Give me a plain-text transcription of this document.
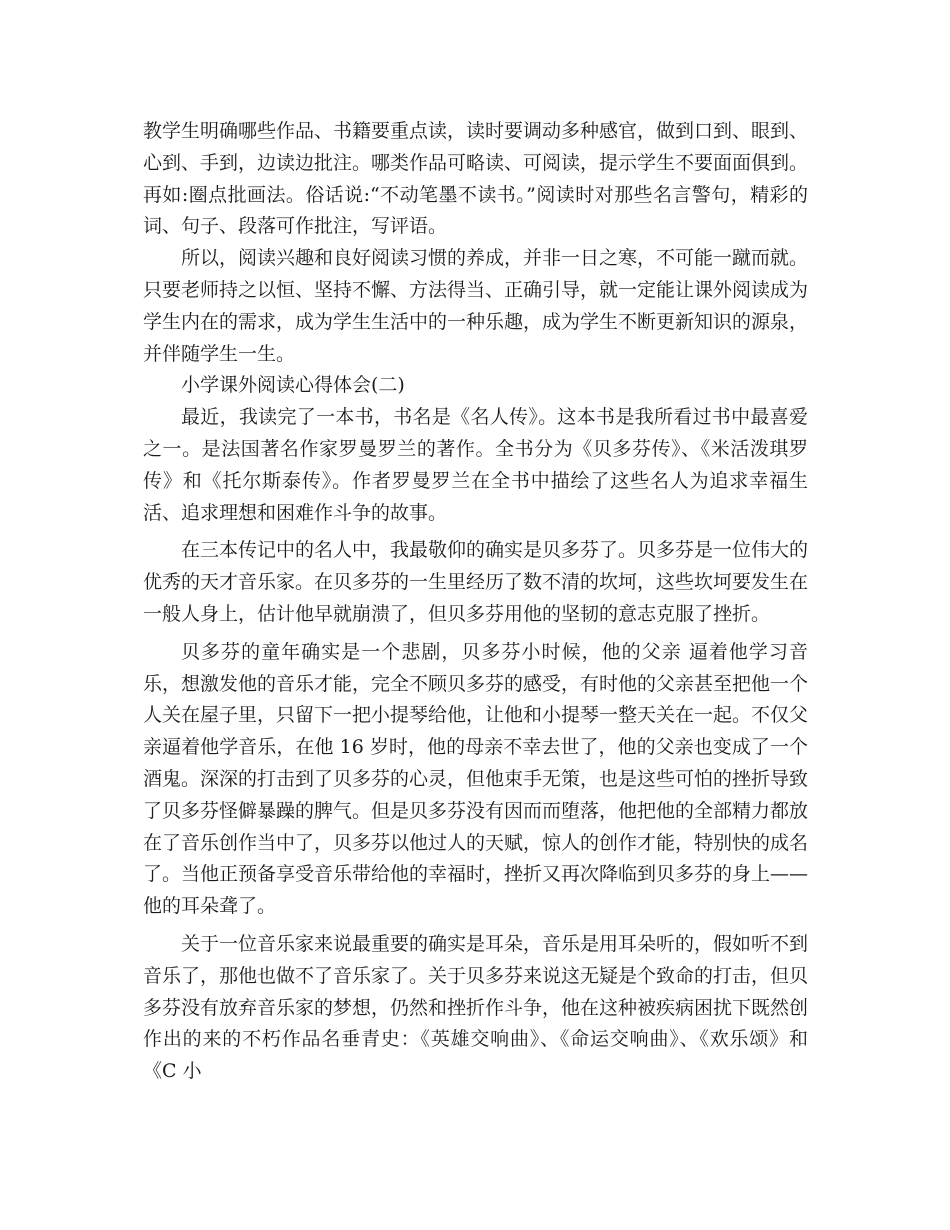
教学生明确哪些作品、书籍要重点读，读时要调动多种感官，做到口到、眼到、心到、手到，边读边批注。哪类作品可略读、可阅读，提示学生不要面面俱到。再如:圈点批画法。俗话说:“不动笔墨不读书。”阅读时对那些名言警句，精彩的词、句子、段落可作批注，写评语。

所以，阅读兴趣和良好阅读习惯的养成，并非一日之寒，不可能一蹴而就。只要老师持之以恒、坚持不懈、方法得当、正确引导，就一定能让课外阅读成为学生内在的需求，成为学生生活中的一种乐趣，成为学生不断更新知识的源泉，并伴随学生一生。

小学课外阅读心得体会(二)

最近，我读完了一本书，书名是《名人传》。这本书是我所看过书中最喜爱之一。是法国著名作家罗曼罗兰的著作。全书分为《贝多芬传》、《米活泼琪罗传》和《托尔斯泰传》。作者罗曼罗兰在全书中描绘了这些名人为追求幸福生活、追求理想和困难作斗争的故事。

在三本传记中的名人中，我最敬仰的确实是贝多芬了。贝多芬是一位伟大的优秀的天才音乐家。在贝多芬的一生里经历了数不清的坎坷，这些坎坷要发生在一般人身上，估计他早就崩溃了，但贝多芬用他的坚韧的意志克服了挫折。

贝多芬的童年确实是一个悲剧，贝多芬小时候，他的父亲 逼着他学习音乐，想激发他的音乐才能，完全不顾贝多芬的感受，有时他的父亲甚至把他一个人关在屋子里，只留下一把小提琴给他，让他和小提琴一整天关在一起。不仅父亲逼着他学音乐，在他 16 岁时，他的母亲不幸去世了，他的父亲也变成了一个酒鬼。深深的打击到了贝多芬的心灵，但他束手无策，也是这些可怕的挫折导致了贝多芬怪僻暴躁的脾气。但是贝多芬没有因而而堕落，他把他的全部精力都放在了音乐创作当中了，贝多芬以他过人的天赋，惊人的创作才能，特别快的成名了。当他正预备享受音乐带给他的幸福时，挫折又再次降临到贝多芬的身上——他的耳朵聋了。

关于一位音乐家来说最重要的确实是耳朵，音乐是用耳朵听的，假如听不到音乐了，那他也做不了音乐家了。关于贝多芬来说这无疑是个致命的打击，但贝多芬没有放弃音乐家的梦想，仍然和挫折作斗争，他在这种被疾病困扰下既然创作出的来的不朽作品名垂青史：《英雄交响曲》、《命运交响曲》、《欢乐颂》和《C 小
